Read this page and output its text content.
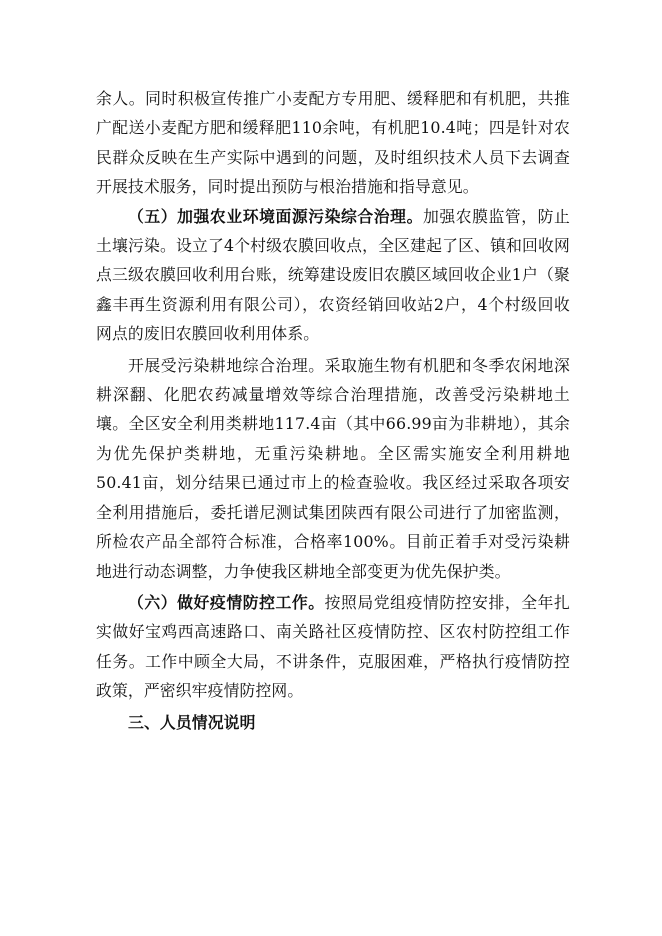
余人。同时积极宣传推广小麦配方专用肥、缓释肥和有机肥，共推广配送小麦配方肥和缓释肥110余吨，有机肥10.4吨；四是针对农民群众反映在生产实际中遇到的问题，及时组织技术人员下去调查开展技术服务，同时提出预防与根治措施和指导意见。

（五）加强农业环境面源污染综合治理。加强农膜监管，防止土壤污染。设立了4个村级农膜回收点，全区建起了区、镇和回收网点三级农膜回收利用台账，统筹建设废旧农膜区域回收企业1户（聚鑫丰再生资源利用有限公司），农资经销回收站2户，4个村级回收网点的废旧农膜回收利用体系。

开展受污染耕地综合治理。采取施生物有机肥和冬季农闲地深耕深翻、化肥农药减量增效等综合治理措施，改善受污染耕地土壤。全区安全利用类耕地117.4亩（其中66.99亩为非耕地），其余为优先保护类耕地，无重污染耕地。全区需实施安全利用耕地50.41亩，划分结果已通过市上的检查验收。我区经过采取各项安全利用措施后，委托谱尼测试集团陕西有限公司进行了加密监测，所检农产品全部符合标准，合格率100%。目前正着手对受污染耕地进行动态调整，力争使我区耕地全部变更为优先保护类。

（六）做好疫情防控工作。按照局党组疫情防控安排，全年扎实做好宝鸡西高速路口、南关路社区疫情防控、区农村防控组工作任务。工作中顾全大局，不讲条件，克服困难，严格执行疫情防控政策，严密织牢疫情防控网。

三、人员情况说明
